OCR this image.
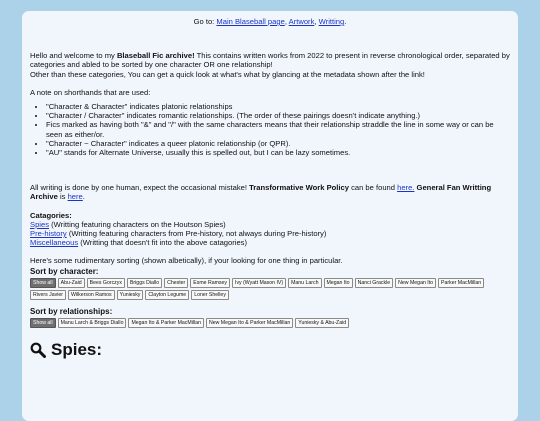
Go to: Main Blaseball page, Artwork, Writting.

Hello and welcome to my Blaseball Fic archive! This contains written works from 2022 to present in reverse chronological order, separated by categories and abled to be sorted by one character OR one relationship!
Other than these categories, You can get a quick look at what's what by glancing at the metadata shown after the link!

A note on shorthands that are used:

• "Character & Character" indicates platonic relationships
• "Character / Character" indicates romantic relationships. (The order of these pairings doesn't indicate anything.)
• Fics marked as having both "&" and "/" with the same characters means that their relationship straddle the line in some way or can be seen as either/or.
• "Character ~ Character" indicates a queer platonic relationship (or QPR).
• "AU" stands for Alternate Universe, usually this is spelled out, but I can be lazy sometimes.

All writing is done by one human, expect the occasional mistake! Transformative Work Policy can be found here. General Fan Writting Archive is here.

Catagories:

Spies (Writting featuring characters on the Houtson Spies)

Pre-history (Writting featuring characters from Pre-history, not always during Pre-history)

Miscellaneous (Writting that doesn't fit into the above catagories)

Here's some rudimentary sorting (shown albetically), if your looking for one thing in particular.

Sort by character:

Show all	Abu-Zaid	Bees Gorczyx	Briggs Diallo	Chester	Esme Ramsey	Ivy (Wyatt Mason IV)	Manu Larch	Megan Ito	Nanci Grackle	New Megan Ito	Parker MacMillan
Rivers Javier	Wilkerson Ramos	Yuniesky	Clayton Legume	Loner Shelley

Sort by relationships:

Show all	Manu Larch & Briggs Diallo	Megan Ito & Parker MacMillan	New Megan Ito & Parker MacMillan	Yuniesky & Abu-Zaid
Spies:
